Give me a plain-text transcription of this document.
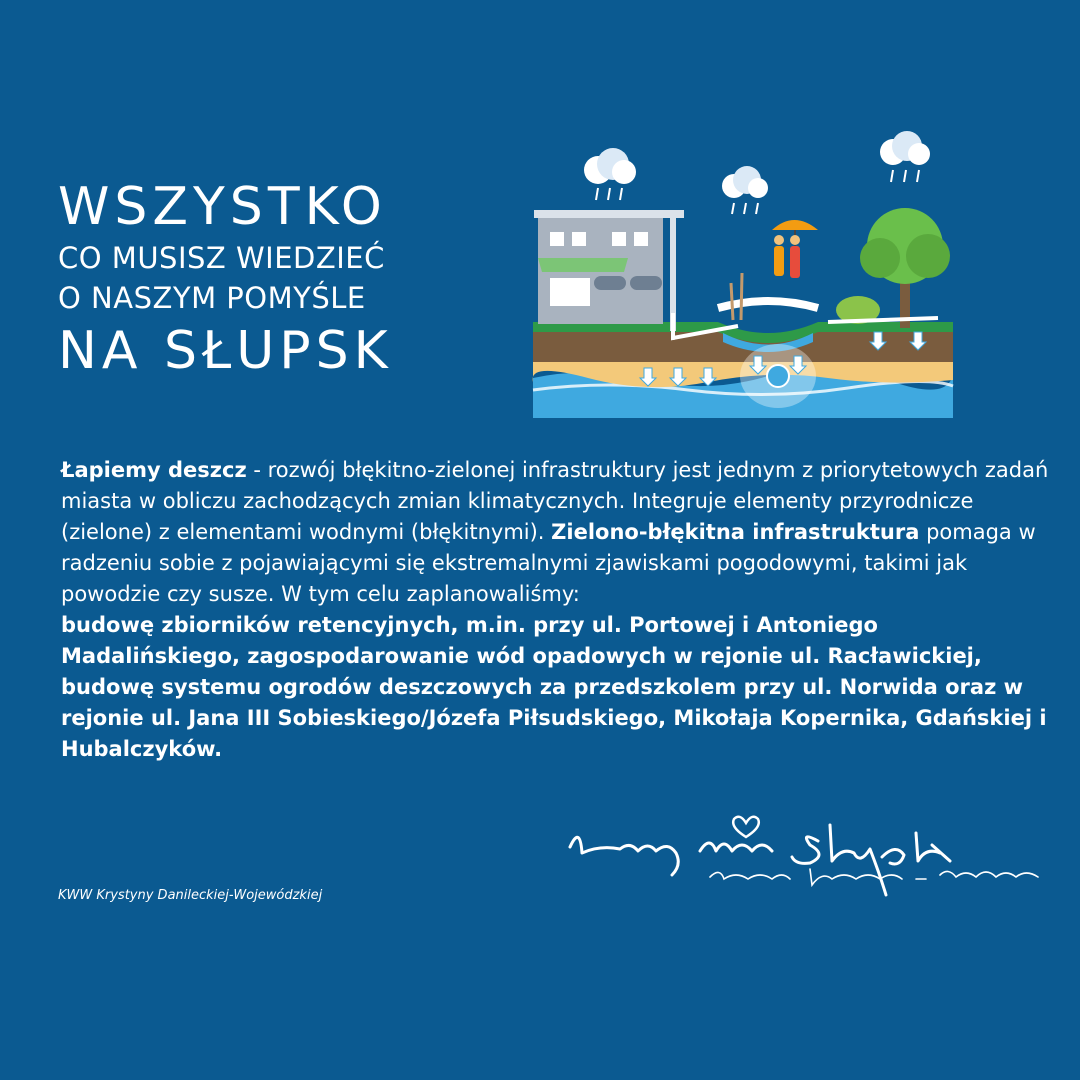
WSZYSTKO
CO MUSISZ WIEDZIEĆ
O NASZYM POMYŚLE
NA SŁUPSK

Łapiemy deszcz - rozwój błękitno-zielonej infrastruktury jest jednym z priorytetowych zadań miasta w obliczu zachodzących zmian klimatycznych. Integruje elementy przyrodnicze (zielone) z elementami wodnymi (błękitnymi). Zielono-błękitna infrastruktura pomaga w radzeniu sobie z pojawiającymi się ekstremalnymi zjawiskami pogodowymi, takimi jak powodzie czy susze. W tym celu zaplanowaliśmy:
budowę zbiorników retencyjnych, m.in. przy ul. Portowej i Antoniego Madalińskiego, zagospodarowanie wód opadowych w rejonie ul. Racławickiej, budowę systemu ogrodów deszczowych za przedszkolem przy ul. Norwida oraz w rejonie ul. Jana III Sobieskiego/Józefa Piłsudskiego, Mikołaja Kopernika, Gdańskiej i Hubalczyków.

KWW Krystyny Danileckiej-Wojewódzkiej
